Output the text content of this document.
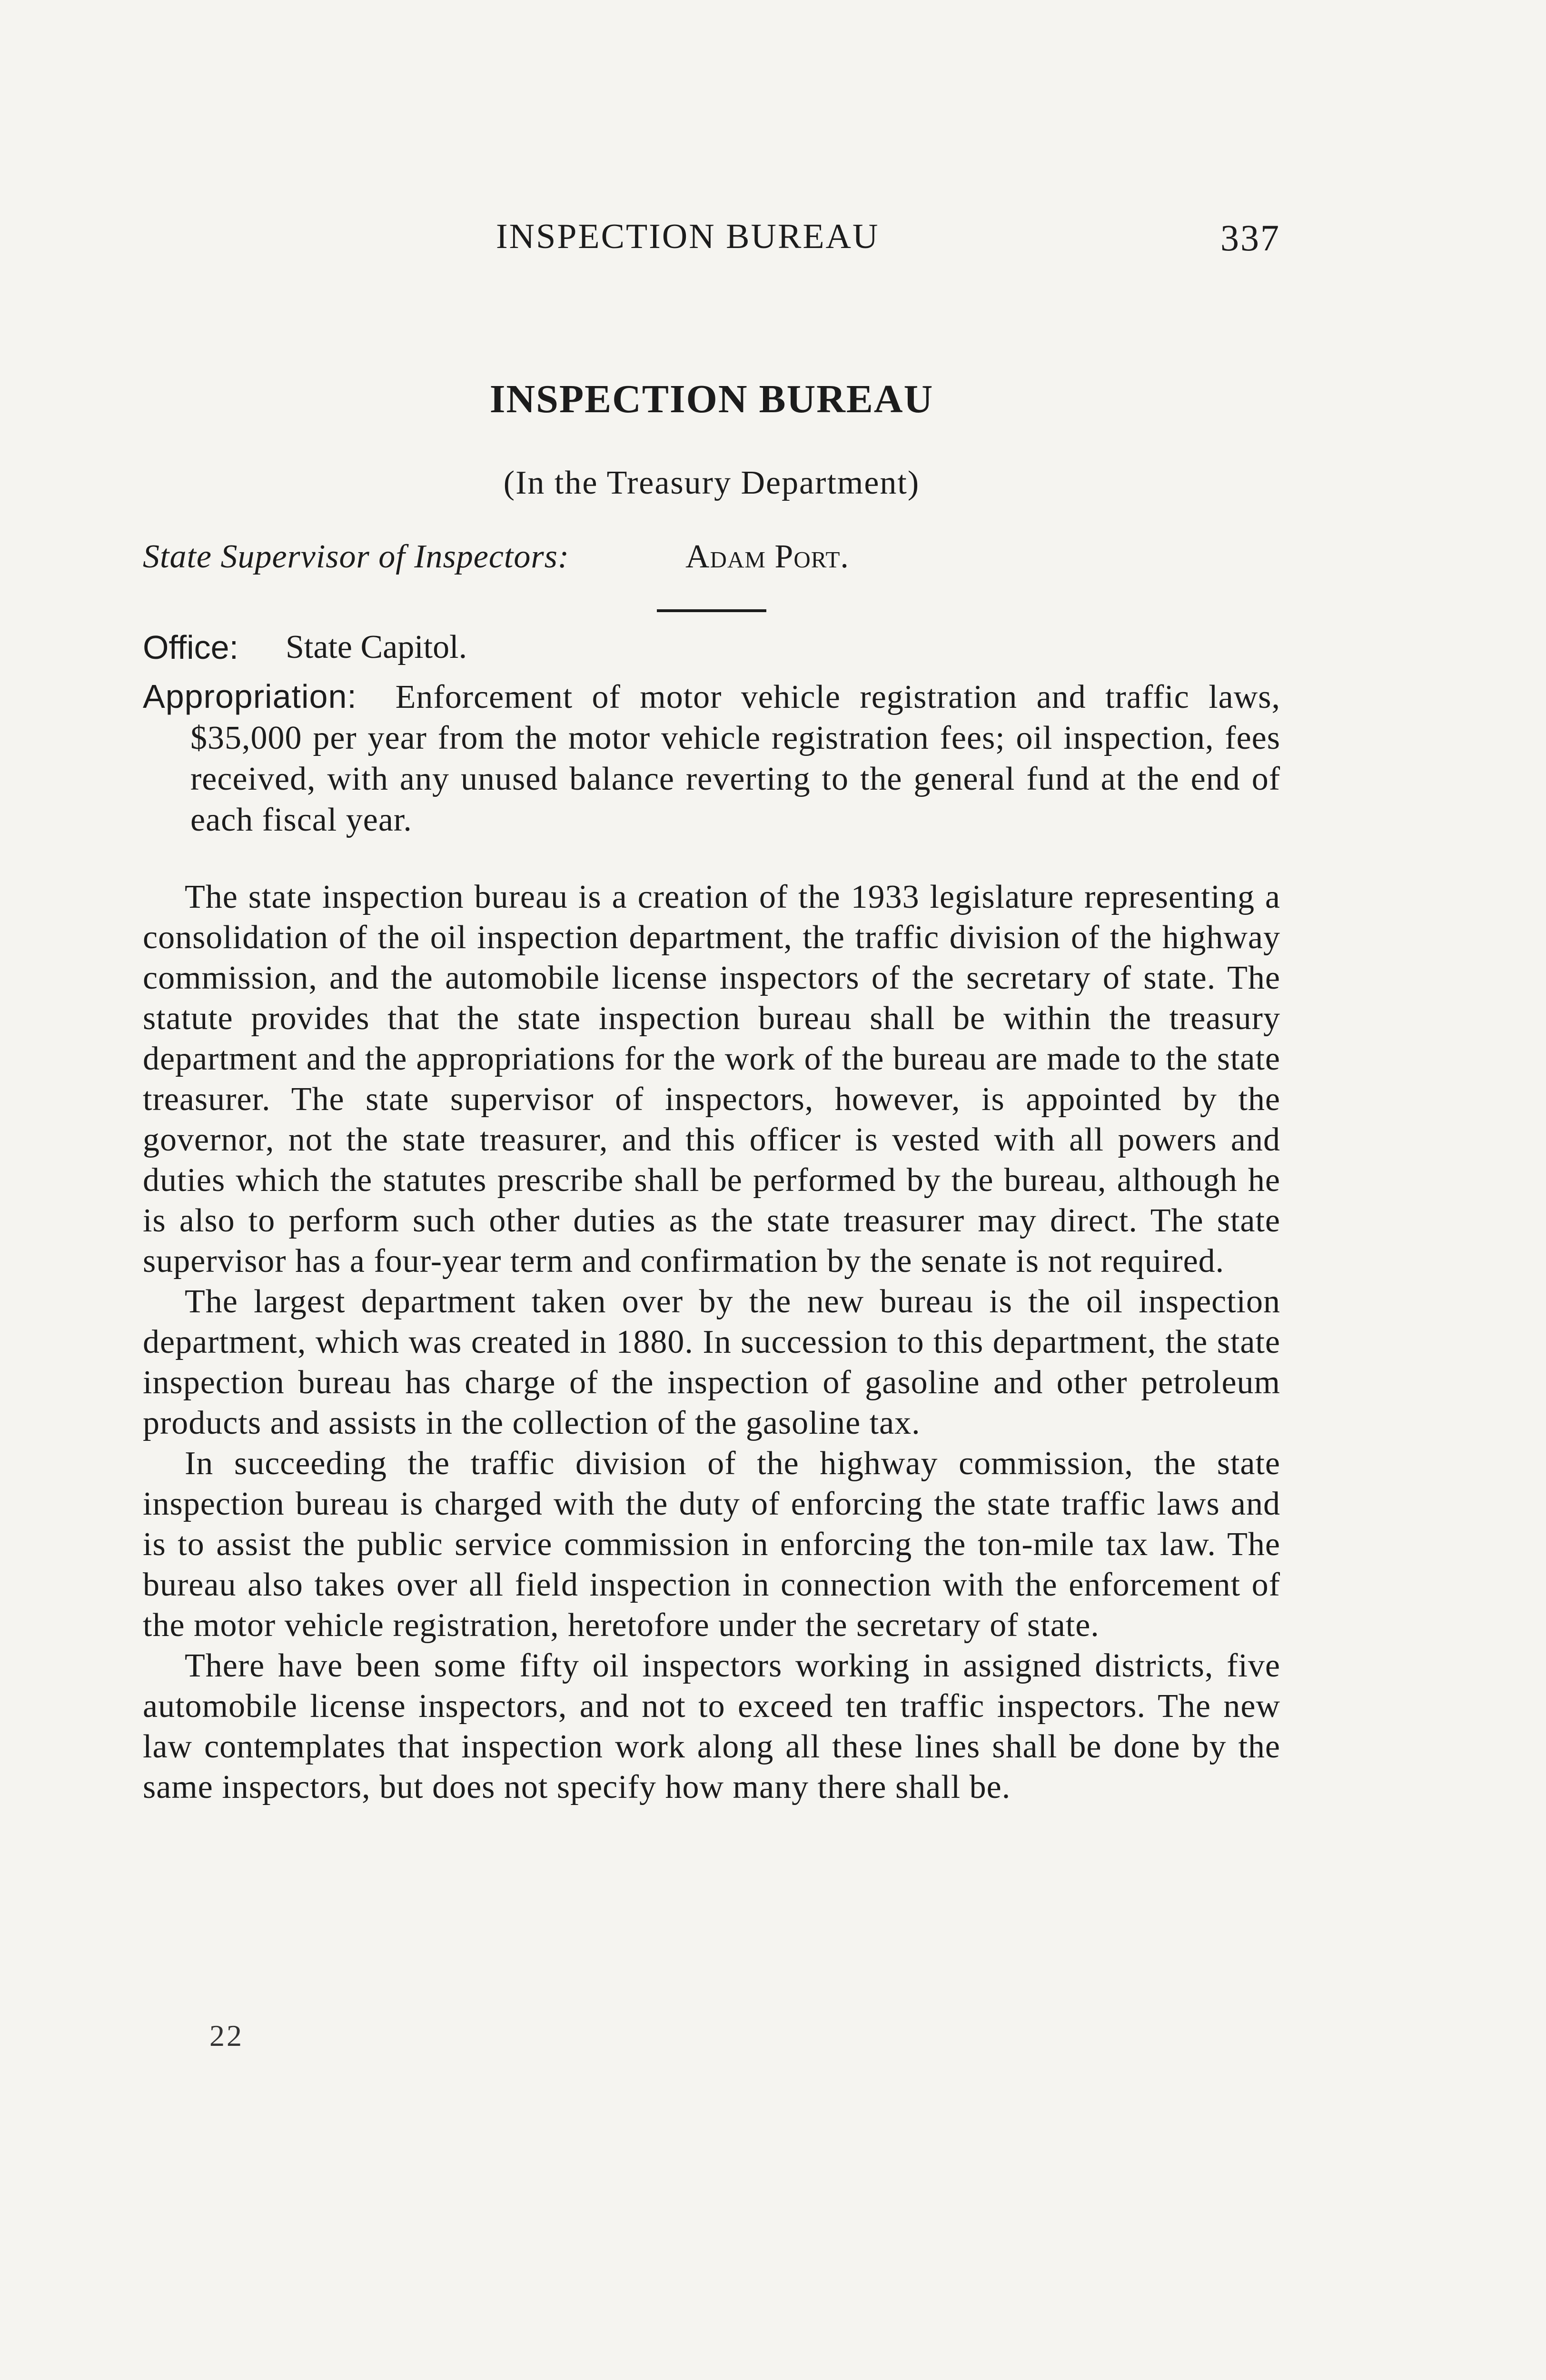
INSPECTION BUREAU	337
INSPECTION BUREAU
(In the Treasury Department)
State Supervisor of Inspectors:	Adam Port.
Office: State Capitol.
Appropriation: Enforcement of motor vehicle registration and traffic laws, $35,000 per year from the motor vehicle registration fees; oil inspection, fees received, with any unused balance reverting to the general fund at the end of each fiscal year.

The state inspection bureau is a creation of the 1933 legislature representing a consolidation of the oil inspection department, the traffic division of the highway commission, and the automobile license inspectors of the secretary of state. The statute provides that the state inspection bureau shall be within the treasury department and the appropriations for the work of the bureau are made to the state treasurer. The state supervisor of inspectors, however, is appointed by the governor, not the state treasurer, and this officer is vested with all powers and duties which the statutes prescribe shall be performed by the bureau, although he is also to perform such other duties as the state treasurer may direct. The state supervisor has a four-year term and confirmation by the senate is not required.

The largest department taken over by the new bureau is the oil inspection department, which was created in 1880. In succession to this department, the state inspection bureau has charge of the inspection of gasoline and other petroleum products and assists in the collection of the gasoline tax.

In succeeding the traffic division of the highway commission, the state inspection bureau is charged with the duty of enforcing the state traffic laws and is to assist the public service commission in enforcing the ton-mile tax law. The bureau also takes over all field inspection in connection with the enforcement of the motor vehicle registration, heretofore under the secretary of state.

There have been some fifty oil inspectors working in assigned districts, five automobile license inspectors, and not to exceed ten traffic inspectors. The new law contemplates that inspection work along all these lines shall be done by the same inspectors, but does not specify how many there shall be.

22
